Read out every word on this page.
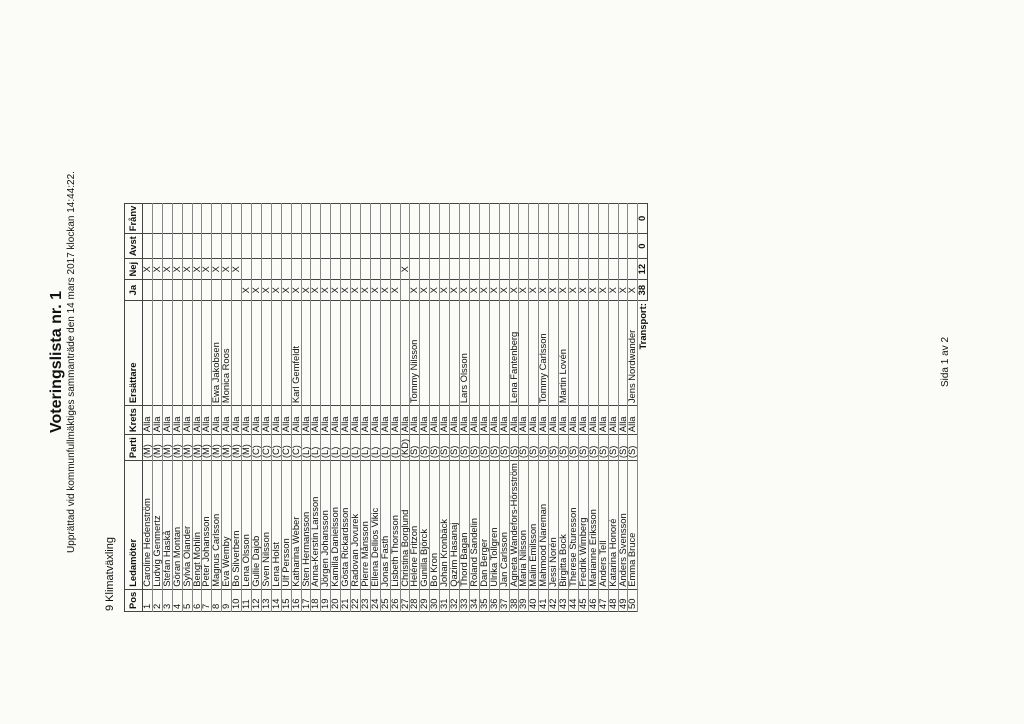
Voteringslista nr. 1 Upprättad vid kommunfullmäktiges sammanträde den 14 mars 2017 klockan 14:44:22.
9 Klimatväxling Pos	Ledamöter	Parti	Krets	Ersättare	Ja	Nej	Avst	Frånv
1	Caroline Hedenström	(M)	Alla			X		
2	Ludvig Genmertz	(M)	Alla			X		
3	Stefan Haskå	(M)	Alla			X		
4	Göran Montan	(M)	Alla			X		
5	Sylvia Olander	(M)	Alla			X		
6	Bengt Mohlin	(M)	Alla			X		
7	Peter Johansson	(M)	Alla			X		
8	Magnus Carlsson	(M)	Alla	Ewa Jakobsen		X		
9	Eva Wemby	(M)	Alla	Monica Roos		X		
10	Bo Silverbern	(M)	Alla			X		
11	Lena Olsson	(M)	Alla		X			
12	Gullie Dajob	(C)	Alla		X			
13	Sven Nilsson	(C)	Alla		X			
14	Lena Holst	(C)	Alla		X			
15	Ulf Persson	(C)	Alla		X			
16	Katharina Weber	(C)	Alla	Karl Gemfeldt	X			
17	Sten Hermansson	(L)	Alla		X			
18	Anna-Kerstin Larsson	(L)	Alla		X			
19	Jörgen Johansson	(L)	Alla		X			
20	Kamilla Danielsson	(L)	Alla		X			
21	Gösta Rickardsson	(L)	Alla		X			
22	Radovan Jovurek	(L)	Alla		X			
23	Pierre Månsson	(L)	Alla		X			
24	Ellena Dellios Vikic	(L)	Alla		X			
25	Jonas Fasth	(L)	Alla		X			
26	Lisbeth Thorsson	(L)	Alla		X			
27	Christina Borglund	(KD)	Alla			X		
28	Heléne Fritzon	(S)	Alla	Tommy Nilsson	X			
29	Gunilla Björck	(S)	Alla		X			
30	Bo Kron	(S)	Alla		X			
31	Johan Kronbäck	(S)	Alla		X			
32	Qazim Hasanaj	(S)	Alla		X			
33	Thord Bagan	(S)	Alla	Lars Olsson	X			
34	Roland Sandelin	(S)	Alla		X			
35	Dan Berger	(S)	Alla		X			
36	Ulrika Tollgren	(S)	Alla		X			
37	Jan Carlsson	(S)	Alla		X			
38	Agneta Wandefors-Hörsström	(S)	Alla	Lena Fantenberg	X			
39	Maria Nilsson	(S)	Alla		X			
40	Malin Emilsson	(S)	Alla		X			
41	Mahmood Nareman	(S)	Alla	Tommy Carlsson	X			
42	Jessi Norén	(S)	Alla		X			
43	Birgitta Bock	(S)	Alla	Martin Lovén	X			
44	Therese Sturesson	(S)	Alla		X			
45	Fredrik Wimberg	(S)	Alla		X			
46	Marianne Eriksson	(S)	Alla		X			
47	Anders Tell	(S)	Alla		X			
48	Katarina Honoré	(S)	Alla		X			
49	Anders Svensson	(S)	Alla		X			
50	Emma Bruce	(S)	Alla	Jens Nordwander	X			
Transport:					38	12	0	0
Sida 1 av 2
